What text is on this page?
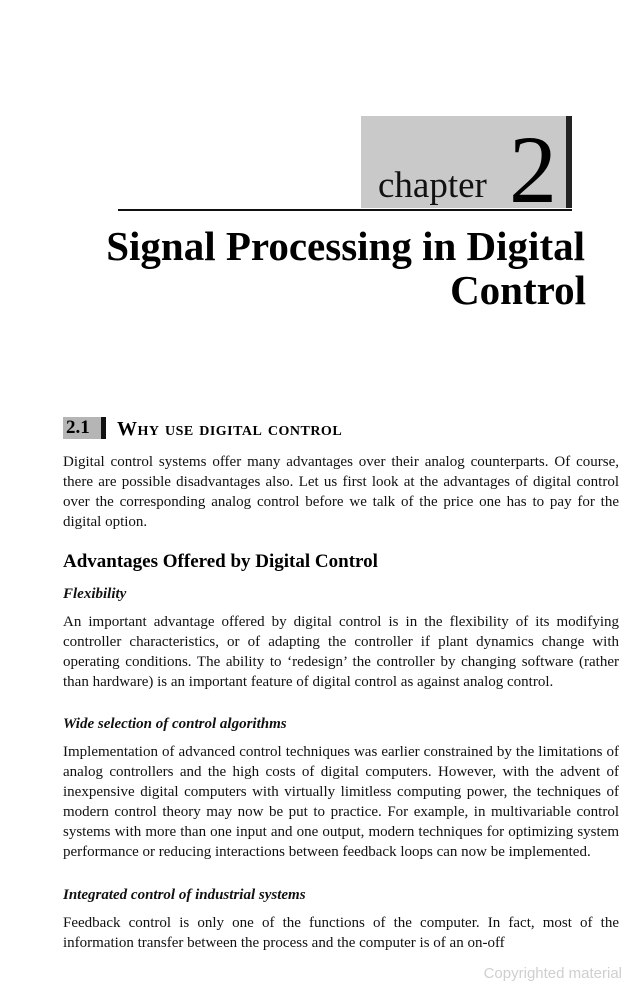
chapter 2
Signal Processing in Digital
Control
2.1 Why use digital control
Digital control systems offer many advantages over their analog counterparts. Of course, there are possible disadvantages also. Let us first look at the advantages of digital control over the corresponding analog control before we talk of the price one has to pay for the digital option.
Advantages Offered by Digital Control
Flexibility
An important advantage offered by digital control is in the flexibility of its modifying controller characteristics, or of adapting the controller if plant dynamics change with operating conditions. The ability to ‘redesign’ the controller by changing software (rather than hardware) is an important feature of digital control as against analog control.
Wide selection of control algorithms
Implementation of advanced control techniques was earlier constrained by the limitations of analog controllers and the high costs of digital computers. However, with the advent of inexpensive digital computers with virtually limitless computing power, the techniques of modern control theory may now be put to practice. For example, in multivariable control systems with more than one input and one output, modern techniques for optimizing system performance or reducing interactions between feedback loops can now be implemented.
Integrated control of industrial systems
Feedback control is only one of the functions of the computer. In fact, most of the information transfer between the process and the computer is of an on-off
Copyrighted material
